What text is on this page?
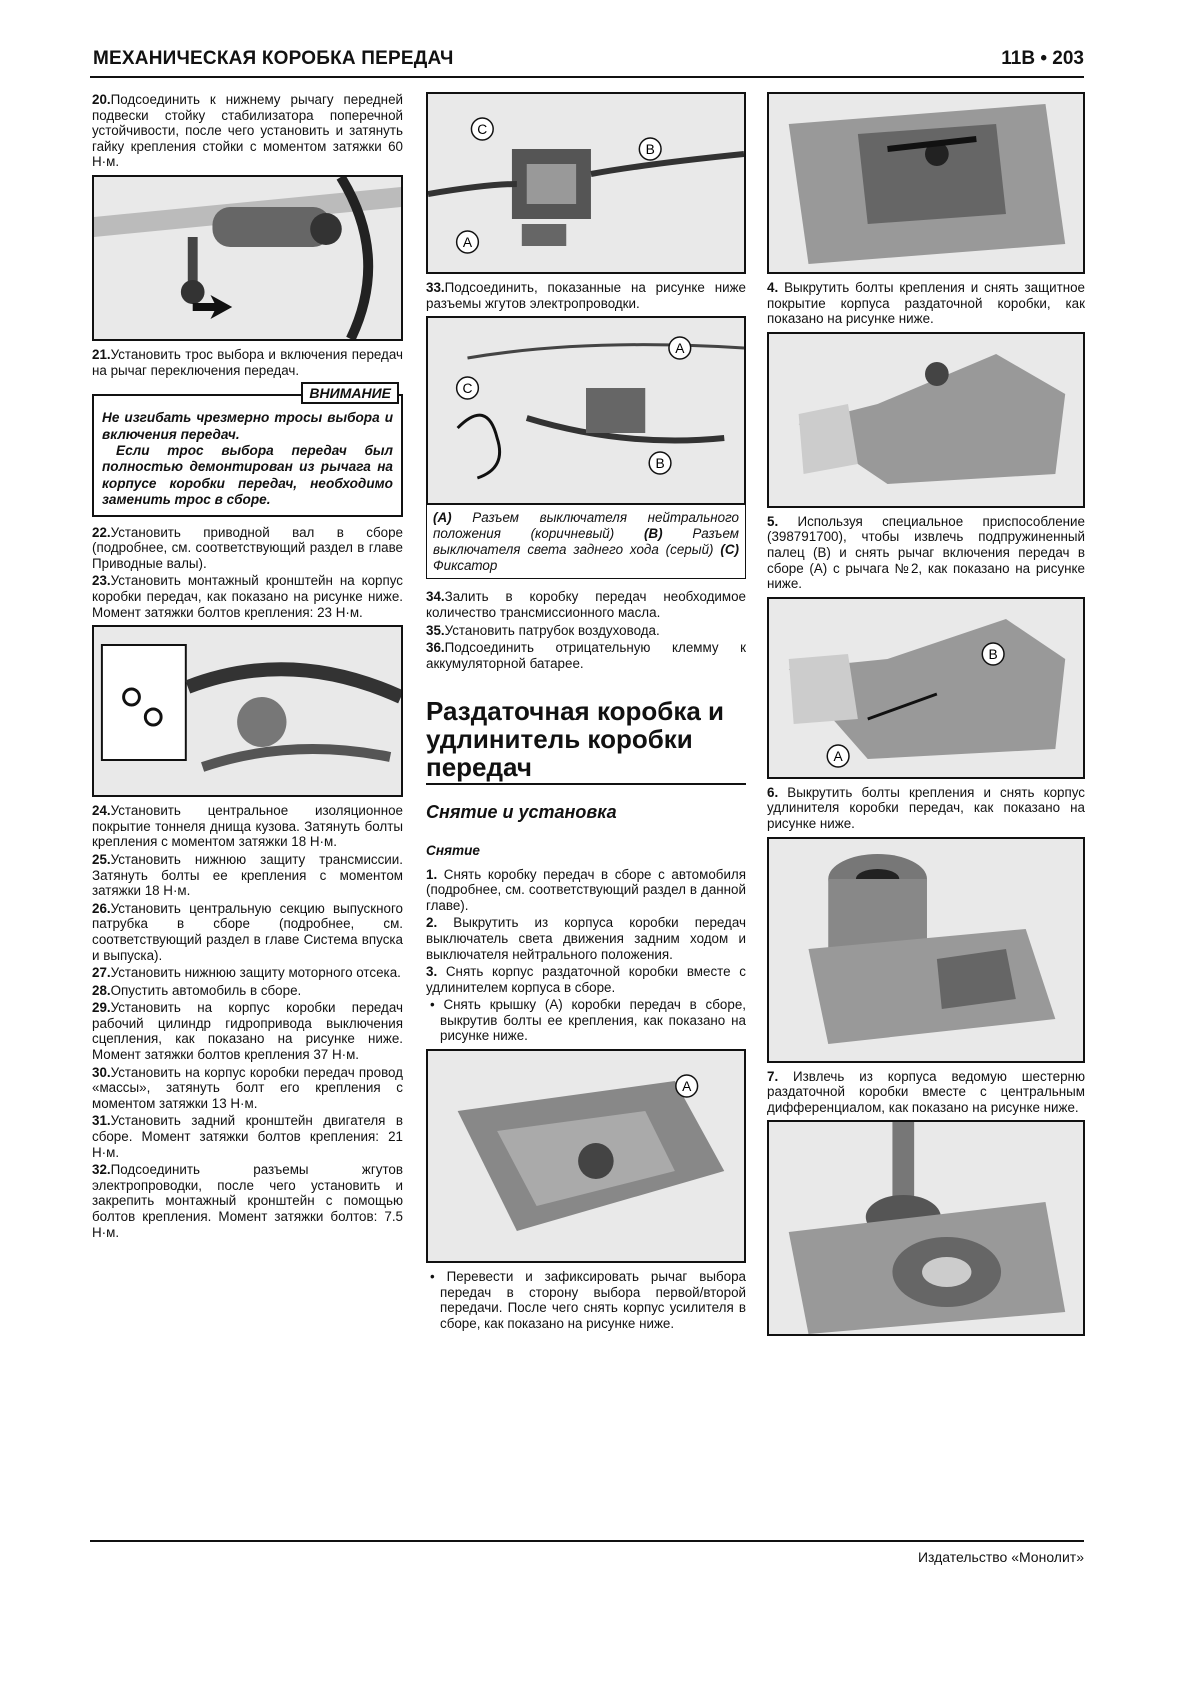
МЕХАНИЧЕСКАЯ КОРОБКА ПЕРЕДАЧ	11В • 203

20.Подсоединить к нижнему рычагу передней подвески стойку стабилизатора поперечной устойчивости, после чего установить и затянуть гайку крепления стойки с моментом затяжки 60 Н·м.

21.Установить трос выбора и включения передач на рычаг переключения передач.

ВНИМАНИЕ

Не изгибать чрезмерно тросы выбора и включения передач.

Если трос выбора передач был полностью демонтирован из рычага на корпусе коробки передач, необходимо заменить трос в сборе.

22.Установить приводной вал в сборе (подробнее, см. соответствующий раздел в главе Приводные валы).

23.Установить монтажный кронштейн на корпус коробки передач, как показано на рисунке ниже. Момент затяжки болтов крепления: 23 Н·м.

24.Установить центральное изоляционное покрытие тоннеля днища кузова. Затянуть болты крепления с моментом затяжки 18 Н·м.

25.Установить нижнюю защиту трансмиссии. Затянуть болты ее крепления с моментом затяжки 18 Н·м.

26.Установить центральную секцию выпускного патрубка в сборе (подробнее, см. соответствующий раздел в главе Система впуска и выпуска).

27.Установить нижнюю защиту моторного отсека.

28.Опустить автомобиль в сборе.

29.Установить на корпус коробки передач рабочий цилиндр гидропривода выключения сцепления, как показано на рисунке ниже. Момент затяжки болтов крепления 37 Н·м.

30.Установить на корпус коробки передач провод «массы», затянуть болт его крепления с моментом затяжки 13 Н·м.

31.Установить задний кронштейн двигателя в сборе. Момент затяжки болтов крепления: 21 Н·м.

32.Подсоединить разъемы жгутов электропроводки, после чего установить и закрепить монтажный кронштейн с помощью болтов крепления. Момент затяжки болтов: 7.5 Н·м.

C
B
A

33.Подсоединить, показанные на рисунке ниже разъемы жгутов электропроводки.

A
C
B
(A) Разъем выключателя нейтрального положения (коричневый) (B) Разъем выключателя света заднего хода (серый) (C) Фиксатор

34.Залить в коробку передач необходимое количество трансмиссионного масла.

35.Установить патрубок воздуховода.

36.Подсоединить отрицательную клемму к аккумуляторной батарее.

Раздаточная коробка и удлинитель коробки передач
Снятие и установка
Снятие

1. Снять коробку передач в сборе с автомобиля (подробнее, см. соответствующий раздел в данной главе).

2. Выкрутить из корпуса коробки передач выключатель света движения задним ходом и выключателя нейтрального положения.

3. Снять корпус раздаточной коробки вместе с удлинителем корпуса в сборе.

• Снять крышку (A) коробки передач в сборе, выкрутив болты ее крепления, как показано на рисунке ниже.

A

• Перевести и зафиксировать рычаг выбора передач в сторону выбора первой/второй передачи. После чего снять корпус усилителя в сборе, как показано на рисунке ниже.

4. Выкрутить болты крепления и снять защитное покрытие корпуса раздаточной коробки, как показано на рисунке ниже.

5. Используя специальное приспособление (398791700), чтобы извлечь подпружиненный палец (B) и снять рычаг включения передач в сборе (A) с рычага №2, как показано на рисунке ниже.

B
A

6. Выкрутить болты крепления и снять корпус удлинителя коробки передач, как показано на рисунке ниже.

7. Извлечь из корпуса ведомую шестерню раздаточной коробки вместе с центральным дифференциалом, как показано на рисунке ниже.

Издательство «Монолит»
